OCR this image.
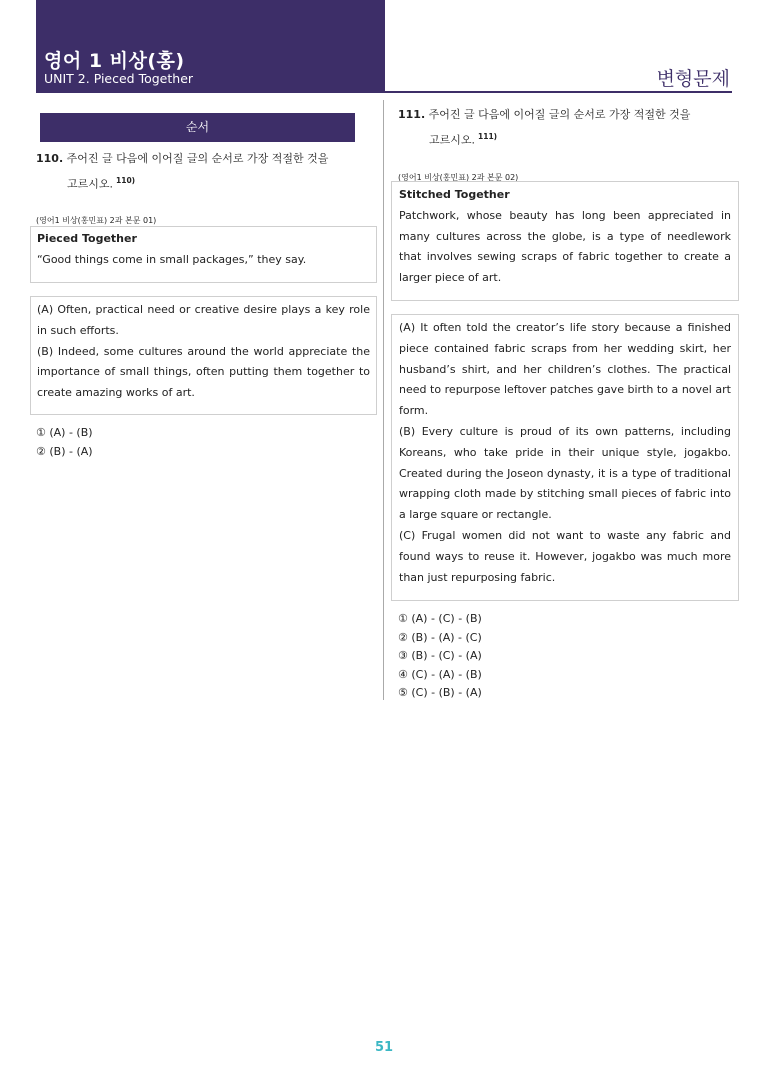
영어 1 비상(홍)
UNIT 2. Pieced Together	변형문제
순서
110. 주어진 글 다음에 이어질 글의 순서로 가장 적절한 것을
고르시오. $^{110)}$
(영어1 비상(홍민표) 2과 본문 01)
Pieced Together
“Good things come in small packages,” they say.
(A) Often, practical need or creative desire plays a key role in such efforts.
(B) Indeed, some cultures around the world appreciate the importance of small things, often putting them together to create amazing works of art.
① (A) - (B)
② (B) - (A)
111. 주어진 글 다음에 이어질 글의 순서로 가장 적절한 것을
고르시오. $^{111)}$
(영어1 비상(홍민표) 2과 본문 02)
Stitched Together
Patchwork, whose beauty has long been appreciated in many cultures across the globe, is a type of needlework that involves sewing scraps of fabric together to create a larger piece of art.
(A) It often told the creator’s life story because a finished piece contained fabric scraps from her wedding skirt, her husband’s shirt, and her children’s clothes. The practical need to repurpose leftover patches gave birth to a novel art form.
(B) Every culture is proud of its own patterns, including Koreans, who take pride in their unique style, jogakbo. Created during the Joseon dynasty, it is a type of traditional wrapping cloth made by stitching small pieces of fabric into a large square or rectangle.
(C) Frugal women did not want to waste any fabric and found ways to reuse it. However, jogakbo was much more than just repurposing fabric.
① (A) - (C) - (B)
② (B) - (A) - (C)
③ (B) - (C) - (A)
④ (C) - (A) - (B)
⑤ (C) - (B) - (A)
51
